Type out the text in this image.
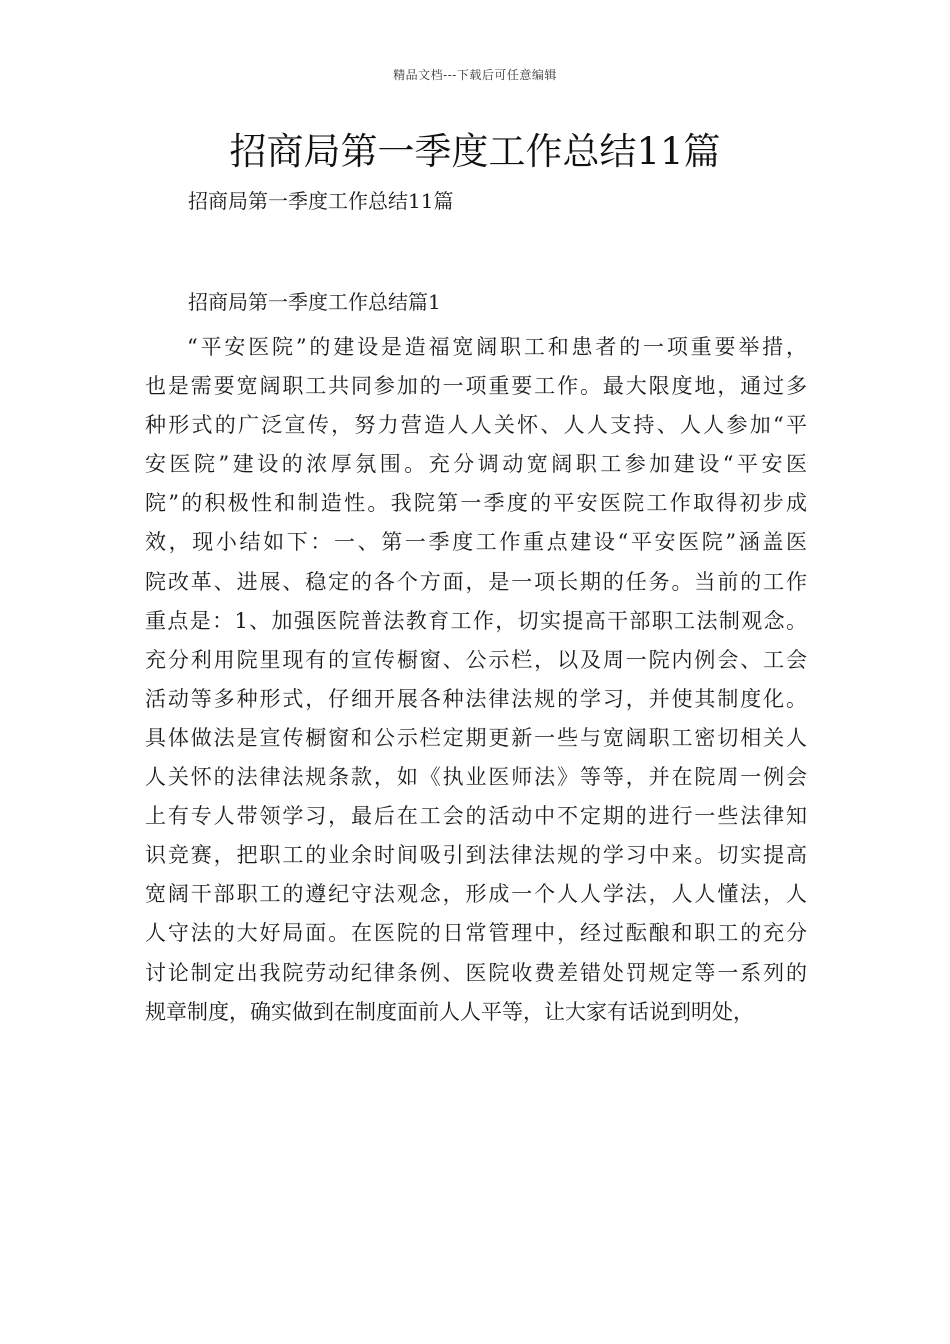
精品文档---下载后可任意编辑
招商局第一季度工作总结11篇

招商局第一季度工作总结11篇

招商局第一季度工作总结篇1

“平安医院”的建设是造福宽阔职工和患者的一项重要举措，
也是需要宽阔职工共同参加的一项重要工作。最大限度地，通过多
种形式的广泛宣传，努力营造人人关怀、人人支持、人人参加“平
安医院”建设的浓厚氛围。充分调动宽阔职工参加建设“平安医
院”的积极性和制造性。我院第一季度的平安医院工作取得初步成
效，现小结如下：一、第一季度工作重点建设“平安医院”涵盖医
院改革、进展、稳定的各个方面，是一项长期的任务。当前的工作
重点是：1、加强医院普法教育工作，切实提高干部职工法制观念。
充分利用院里现有的宣传橱窗、公示栏，以及周一院内例会、工会
活动等多种形式，仔细开展各种法律法规的学习，并使其制度化。
具体做法是宣传橱窗和公示栏定期更新一些与宽阔职工密切相关人
人关怀的法律法规条款，如《执业医师法》等等，并在院周一例会
上有专人带领学习，最后在工会的活动中不定期的进行一些法律知
识竞赛，把职工的业余时间吸引到法律法规的学习中来。切实提高
宽阔干部职工的遵纪守法观念，形成一个人人学法，人人懂法，人
人守法的大好局面。在医院的日常管理中，经过酝酿和职工的充分
讨论制定出我院劳动纪律条例、医院收费差错处罚规定等一系列的
规章制度，确实做到在制度面前人人平等，让大家有话说到明处，
